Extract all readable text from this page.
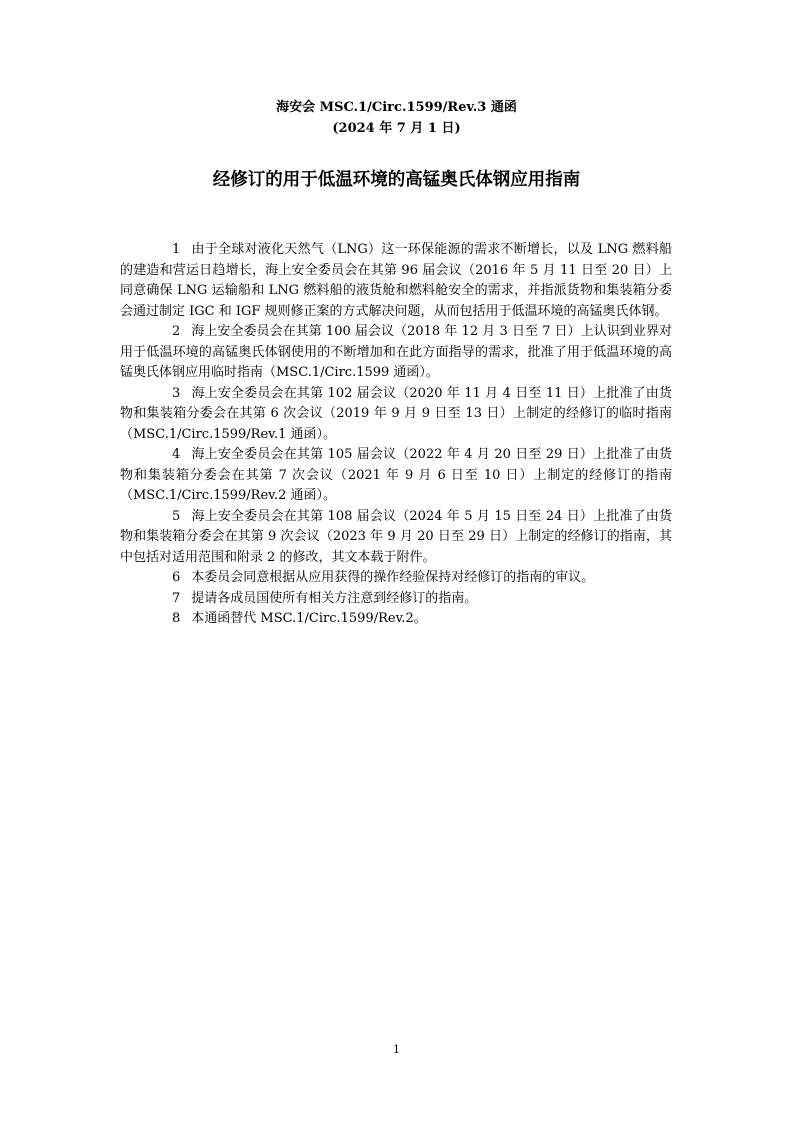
海安会 MSC.1/Circ.1599/Rev.3 通函
(2024 年 7 月 1 日)
经修订的用于低温环境的高锰奥氏体钢应用指南

1 由于全球对液化天然气（LNG）这一环保能源的需求不断增长，以及 LNG 燃料船的建造和营运日趋增长，海上安全委员会在其第 96 届会议（2016 年 5 月 11 日至 20 日）上同意确保 LNG 运输船和 LNG 燃料船的液货舱和燃料舱安全的需求，并指派货物和集装箱分委会通过制定 IGC 和 IGF 规则修正案的方式解决问题，从而包括用于低温环境的高锰奥氏体钢。

2 海上安全委员会在其第 100 届会议（2018 年 12 月 3 日至 7 日）上认识到业界对用于低温环境的高锰奥氏体钢使用的不断增加和在此方面指导的需求，批准了用于低温环境的高锰奥氏体钢应用临时指南（MSC.1/Circ.1599 通函）。

3 海上安全委员会在其第 102 届会议（2020 年 11 月 4 日至 11 日）上批准了由货物和集装箱分委会在其第 6 次会议（2019 年 9 月 9 日至 13 日）上制定的经修订的临时指南（MSC.1/Circ.1599/Rev.1 通函）。

4 海上安全委员会在其第 105 届会议（2022 年 4 月 20 日至 29 日）上批准了由货物和集装箱分委会在其第 7 次会议（2021 年 9 月 6 日至 10 日）上制定的经修订的指南（MSC.1/Circ.1599/Rev.2 通函）。

5 海上安全委员会在其第 108 届会议（2024 年 5 月 15 日至 24 日）上批准了由货物和集装箱分委会在其第 9 次会议（2023 年 9 月 20 日至 29 日）上制定的经修订的指南，其中包括对适用范围和附录 2 的修改，其文本载于附件。

6 本委员会同意根据从应用获得的操作经验保持对经修订的指南的审议。

7 提请各成员国使所有相关方注意到经修订的指南。

8 本通函替代 MSC.1/Circ.1599/Rev.2。

1
